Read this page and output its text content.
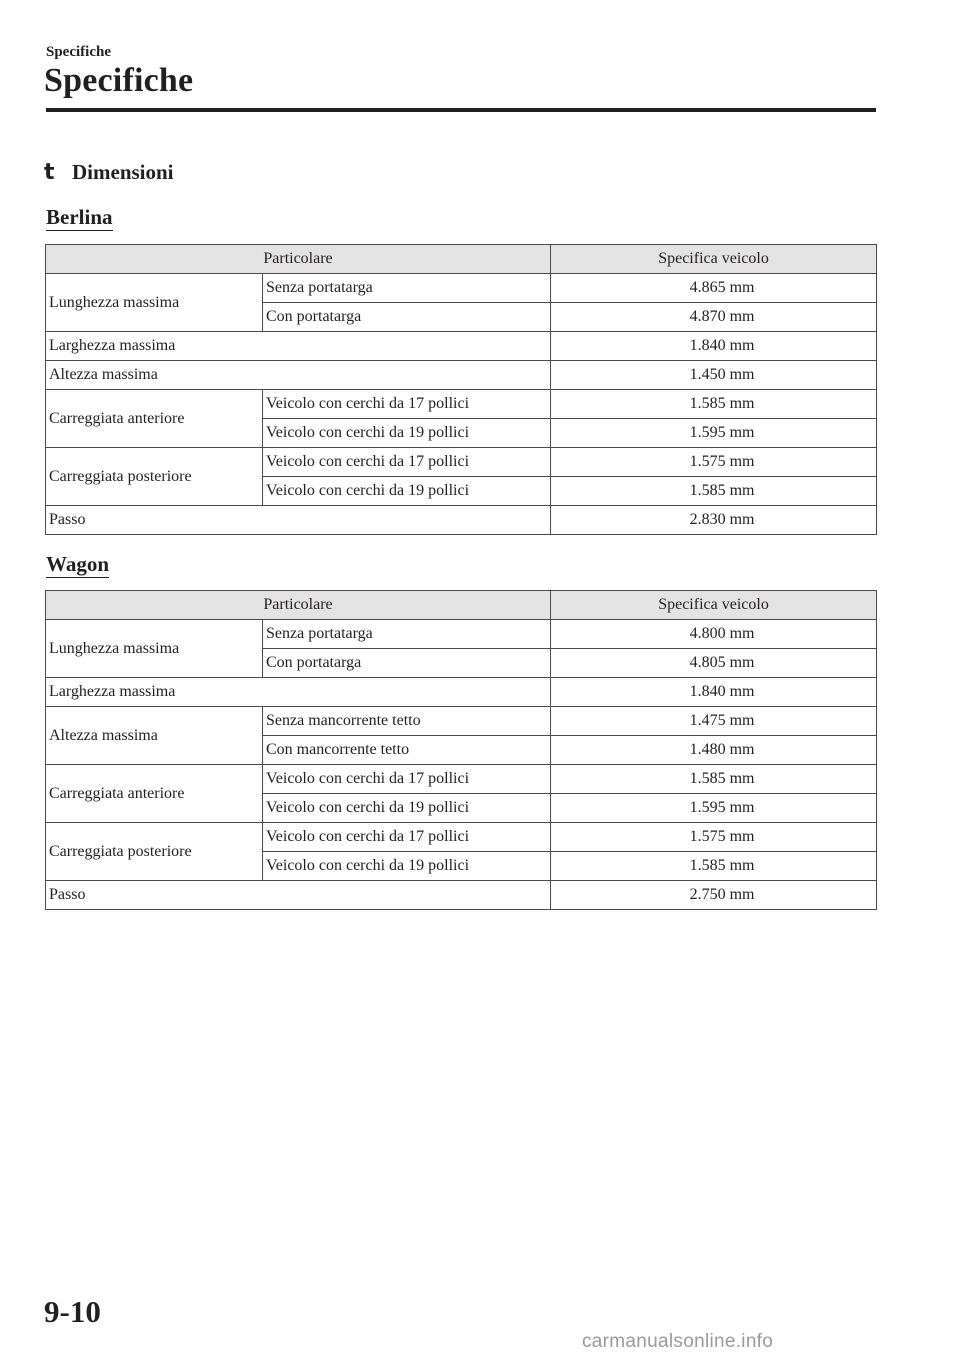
Specifiche
Specifiche
t Dimensioni
Berlina
Particolare		Specifica veicolo
Lunghezza massima	Senza portatarga	4.865 mm
	Con portatarga	4.870 mm
Larghezza massima		1.840 mm
Altezza massima		1.450 mm
Carreggiata anteriore	Veicolo con cerchi da 17 pollici	1.585 mm
	Veicolo con cerchi da 19 pollici	1.595 mm
Carreggiata posteriore	Veicolo con cerchi da 17 pollici	1.575 mm
	Veicolo con cerchi da 19 pollici	1.585 mm
Passo		2.830 mm
Wagon
Particolare		Specifica veicolo
Lunghezza massima	Senza portatarga	4.800 mm
	Con portatarga	4.805 mm
Larghezza massima		1.840 mm
Altezza massima	Senza mancorrente tetto	1.475 mm
	Con mancorrente tetto	1.480 mm
Carreggiata anteriore	Veicolo con cerchi da 17 pollici	1.585 mm
	Veicolo con cerchi da 19 pollici	1.595 mm
Carreggiata posteriore	Veicolo con cerchi da 17 pollici	1.575 mm
	Veicolo con cerchi da 19 pollici	1.585 mm
Passo		2.750 mm
9-10
carmanualsonline.info
